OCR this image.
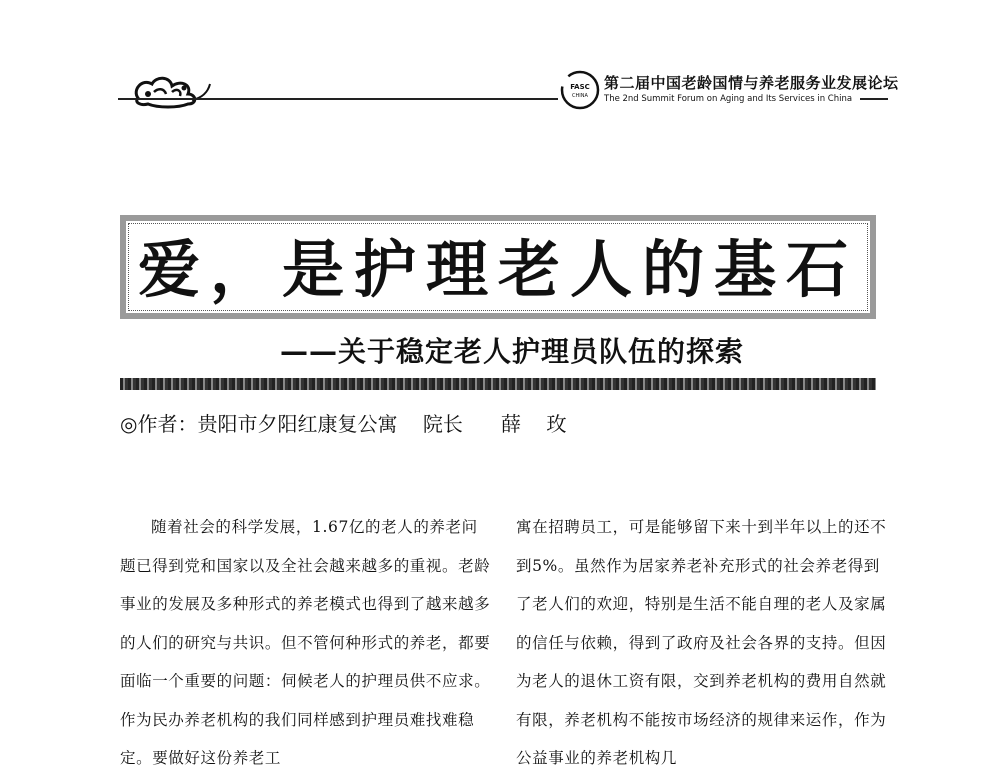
FASC
CHINA
第二届中国老龄国情与养老服务业发展论坛
The 2nd Summit Forum on Aging and Its Services in China
爱，是护理老人的基石
——关于稳定老人护理员队伍的探索
◎作者：贵阳市夕阳红康复公寓    院长      薛    玫

随着社会的科学发展，1.67亿的老人的养老问题已得到党和国家以及全社会越来越多的重视。老龄事业的发展及多种形式的养老模式也得到了越来越多的人们的研究与共识。但不管何种形式的养老，都要面临一个重要的问题：伺候老人的护理员供不应求。作为民办养老机构的我们同样感到护理员难找难稳定。要做好这份养老工

寓在招聘员工，可是能够留下来十到半年以上的还不到5%。虽然作为居家养老补充形式的社会养老得到了老人们的欢迎，特别是生活不能自理的老人及家属的信任与依赖，得到了政府及社会各界的支持。但因为老人的退休工资有限，交到养老机构的费用自然就有限，养老机构不能按市场经济的规律来运作，作为公益事业的养老机构几
